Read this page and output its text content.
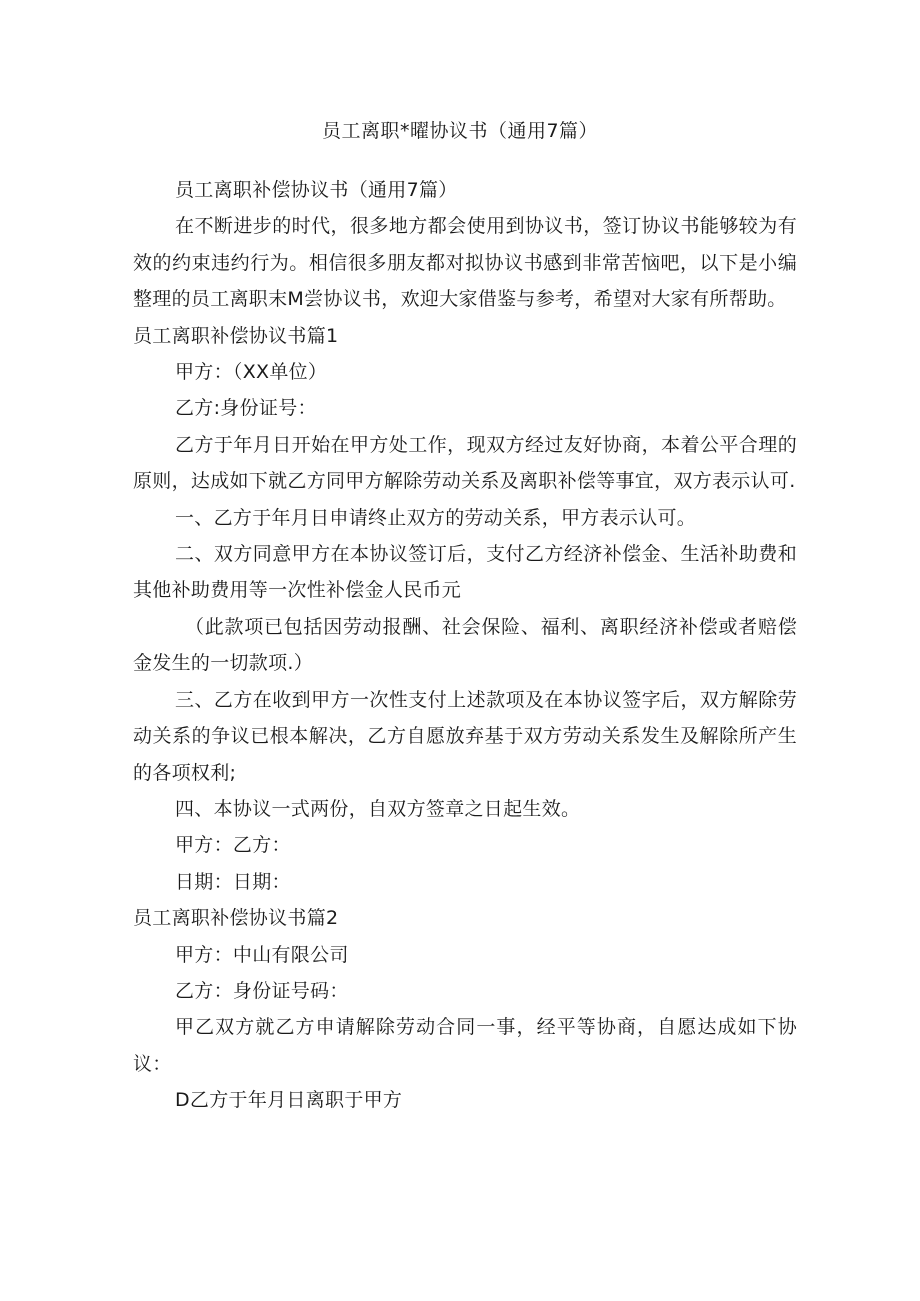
员工离职*曜协议书（通用7篇）

员工离职补偿协议书（通用7篇）

在不断进步的时代，很多地方都会使用到协议书，签订协议书能够较为有效的约束违约行为。相信很多朋友都对拟协议书感到非常苦恼吧，以下是小编整理的员工离职末M尝协议书，欢迎大家借鉴与参考，希望对大家有所帮助。

员工离职补偿协议书篇1

甲方：（XX单位）

乙方:身份证号：

乙方于年月日开始在甲方处工作，现双方经过友好协商，本着公平合理的原则，达成如下就乙方同甲方解除劳动关系及离职补偿等事宜，双方表示认可.

一、乙方于年月日申请终止双方的劳动关系，甲方表示认可。

二、双方同意甲方在本协议签订后，支付乙方经济补偿金、生活补助费和其他补助费用等一次性补偿金人民币元

（此款项已包括因劳动报酬、社会保险、福利、离职经济补偿或者赔偿金发生的一切款项.）

三、乙方在收到甲方一次性支付上述款项及在本协议签字后，双方解除劳动关系的争议已根本解决，乙方自愿放弃基于双方劳动关系发生及解除所产生的各项权利;

四、本协议一式两份，自双方签章之日起生效。

甲方：乙方：

日期：日期：

员工离职补偿协议书篇2

甲方：中山有限公司

乙方：身份证号码：

甲乙双方就乙方申请解除劳动合同一事，经平等协商，自愿达成如下协议：

D乙方于年月日离职于甲方
